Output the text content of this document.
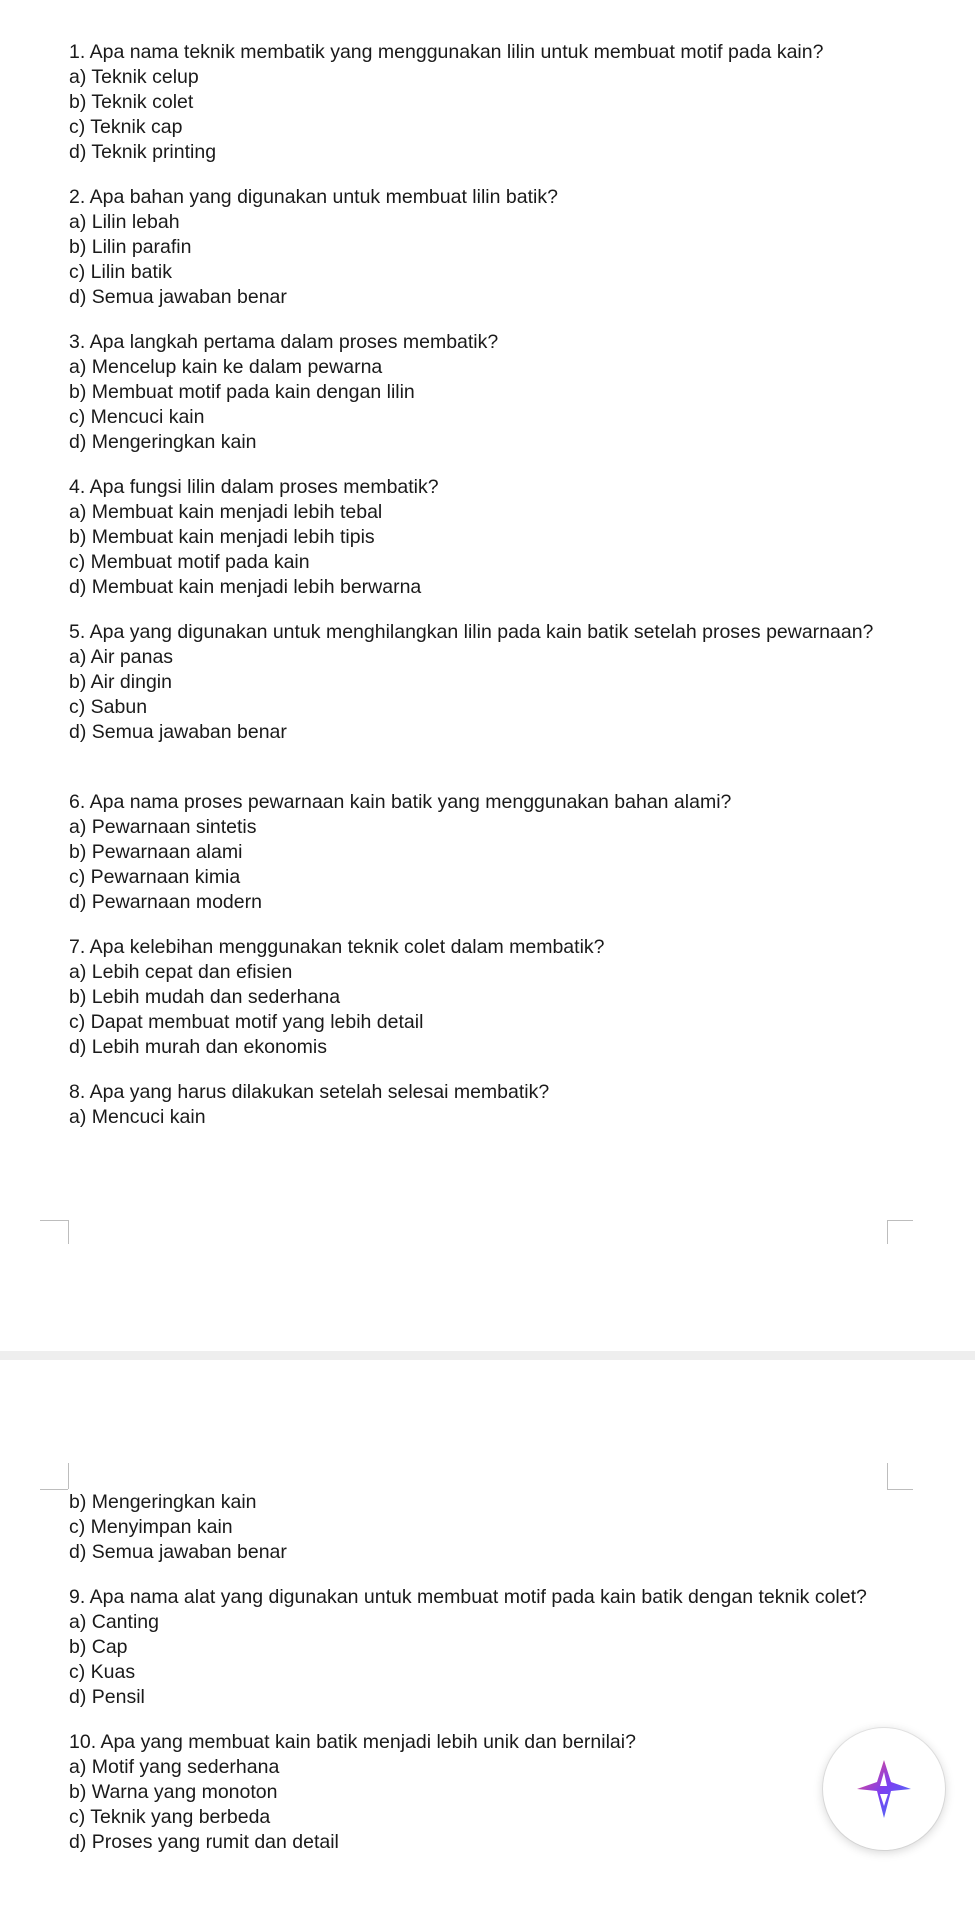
1. Apa nama teknik membatik yang menggunakan lilin untuk membuat motif pada kain?
a) Teknik celup
b) Teknik colet
c) Teknik cap
d) Teknik printing
2. Apa bahan yang digunakan untuk membuat lilin batik?
a) Lilin lebah
b) Lilin parafin
c) Lilin batik
d) Semua jawaban benar
3. Apa langkah pertama dalam proses membatik?
a) Mencelup kain ke dalam pewarna
b) Membuat motif pada kain dengan lilin
c) Mencuci kain
d) Mengeringkan kain
4. Apa fungsi lilin dalam proses membatik?
a) Membuat kain menjadi lebih tebal
b) Membuat kain menjadi lebih tipis
c) Membuat motif pada kain
d) Membuat kain menjadi lebih berwarna
5. Apa yang digunakan untuk menghilangkan lilin pada kain batik setelah proses pewarnaan?
a) Air panas
b) Air dingin
c) Sabun
d) Semua jawaban benar
6. Apa nama proses pewarnaan kain batik yang menggunakan bahan alami?
a) Pewarnaan sintetis
b) Pewarnaan alami
c) Pewarnaan kimia
d) Pewarnaan modern
7. Apa kelebihan menggunakan teknik colet dalam membatik?
a) Lebih cepat dan efisien
b) Lebih mudah dan sederhana
c) Dapat membuat motif yang lebih detail
d) Lebih murah dan ekonomis
8. Apa yang harus dilakukan setelah selesai membatik?
a) Mencuci kain
b) Mengeringkan kain
c) Menyimpan kain
d) Semua jawaban benar
9. Apa nama alat yang digunakan untuk membuat motif pada kain batik dengan teknik colet?
a) Canting
b) Cap
c) Kuas
d) Pensil
10. Apa yang membuat kain batik menjadi lebih unik dan bernilai?
a) Motif yang sederhana
b) Warna yang monoton
c) Teknik yang berbeda
d) Proses yang rumit dan detail
